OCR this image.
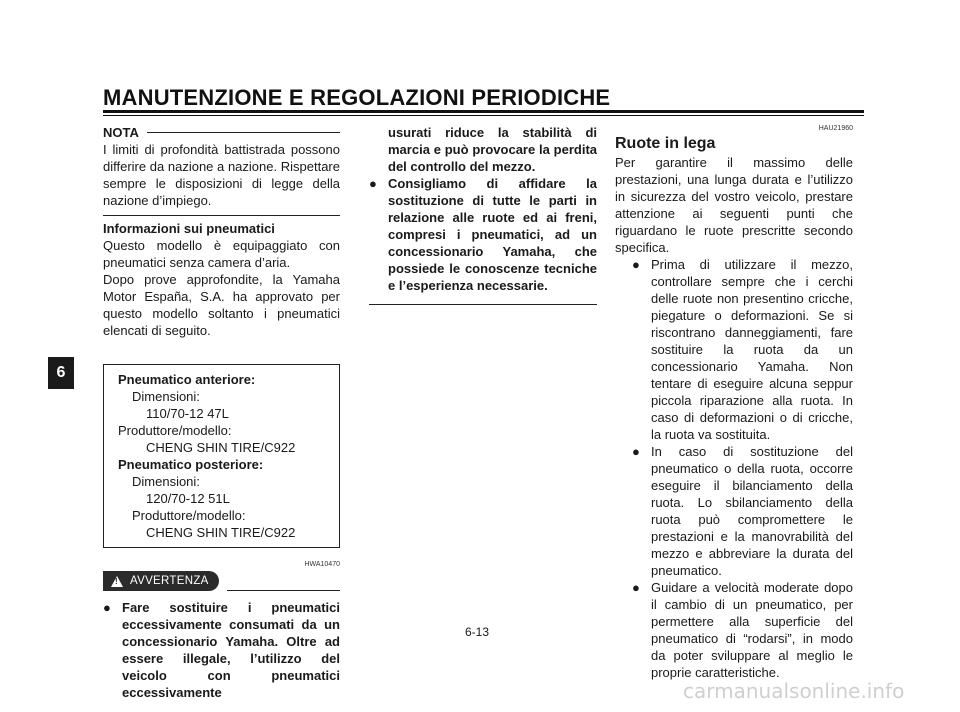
MANUTENZIONE E REGOLAZIONI PERIODICHE
6
NOTA

I limiti di profondità battistrada possono differire da nazione a nazione. Rispettare sempre le disposizioni di legge della nazione d’impiego.

Informazioni sui pneumatici

Questo modello è equipaggiato con pneumatici senza camera d’aria.

Dopo prove approfondite, la Yamaha Motor España, S.A. ha approvato per questo modello soltanto i pneumatici elencati di seguito.

Pneumatico anteriore:
Dimensioni:
110/70-12 47L
Produttore/modello:
CHENG SHIN TIRE/C922
Pneumatico posteriore:
Dimensioni:
120/70-12 51L
Produttore/modello:
CHENG SHIN TIRE/C922
HWA10470
!
AVVERTENZA
● Fare sostituire i pneumatici eccessivamente consumati da un concessionario Yamaha. Oltre ad essere illegale, l’utilizzo del veicolo con pneumatici eccessivamente
usurati riduce la stabilità di marcia e può provocare la perdita del controllo del mezzo.
● Consigliamo di affidare la sostituzione di tutte le parti in relazione alle ruote ed ai freni, compresi i pneumatici, ad un concessionario Yamaha, che possiede le conoscenze tecniche e l’esperienza necessarie.
HAU21960
Ruote in lega

Per garantire il massimo delle prestazioni, una lunga durata e l’utilizzo in sicurezza del vostro veicolo, prestare attenzione ai seguenti punti che riguardano le ruote prescritte secondo specifica.

● Prima di utilizzare il mezzo, controllare sempre che i cerchi delle ruote non presentino cricche, piegature o deformazioni. Se si riscontrano danneggiamenti, fare sostituire la ruota da un concessionario Yamaha. Non tentare di eseguire alcuna seppur piccola riparazione alla ruota. In caso di deformazioni o di cricche, la ruota va sostituita.
● In caso di sostituzione del pneumatico o della ruota, occorre eseguire il bilanciamento della ruota. Lo sbilanciamento della ruota può compromettere le prestazioni e la manovrabilità del mezzo e abbreviare la durata del pneumatico.
● Guidare a velocità moderate dopo il cambio di un pneumatico, per permettere alla superficie del pneumatico di “rodarsi”, in modo da poter sviluppare al meglio le proprie caratteristiche.
6-13
carmanualsonline.info
